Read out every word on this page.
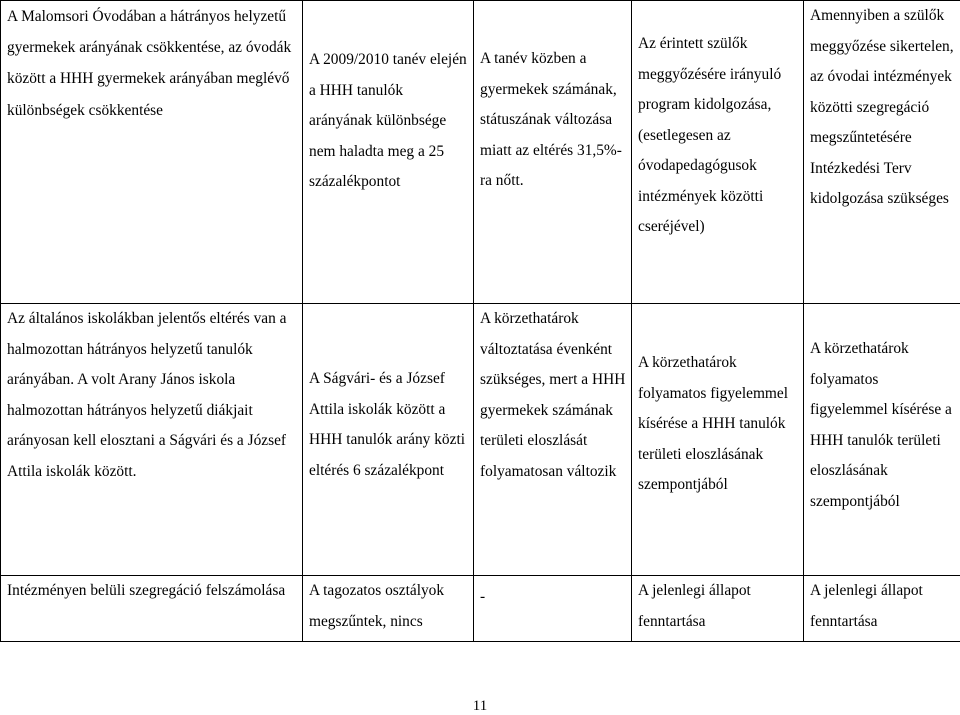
A Malomsori Óvodában a hátrányos helyzetű gyermekek arányának csökkentése, az óvodák között a HHH gyermekek arányában meglévő különbségek csökkentése	A 2009/2010 tanév elején a HHH tanulók arányának különbsége nem haladta meg a 25 százalékpontot	A tanév közben a gyermekek számának, státuszának változása miatt az eltérés 31,5%-ra nőtt.	Az érintett szülők meggyőzésére irányuló program kidolgozása, (esetlegesen az óvodapedagógusok intézmények közötti cseréjével)	Amennyiben a szülők meggyőzése sikertelen, az óvodai intézmények közötti szegregáció megszűntetésére Intézkedési Terv kidolgozása szükséges

Az általános iskolákban jelentős eltérés van a halmozottan hátrányos helyzetű tanulók arányában. A volt Arany János iskola halmozottan hátrányos helyzetű diákjait arányosan kell elosztani a Ságvári és a József Attila iskolák között.	A Ságvári- és a József Attila iskolák között a HHH tanulók arány közti eltérés 6 százalékpont	A körzethatárok változtatása évenként szükséges, mert a HHH gyermekek számának területi eloszlását folyamatosan változik	A körzethatárok folyamatos figyelemmel kísérése a HHH tanulók területi eloszlásának szempontjából	A körzethatárok folyamatos figyelemmel kísérése a HHH tanulók területi eloszlásának szempontjából

Intézményen belüli szegregáció felszámolása	A tagozatos osztályok megszűntek, nincs	-	A jelenlegi állapot fenntartása	A jelenlegi állapot fenntartása
11
